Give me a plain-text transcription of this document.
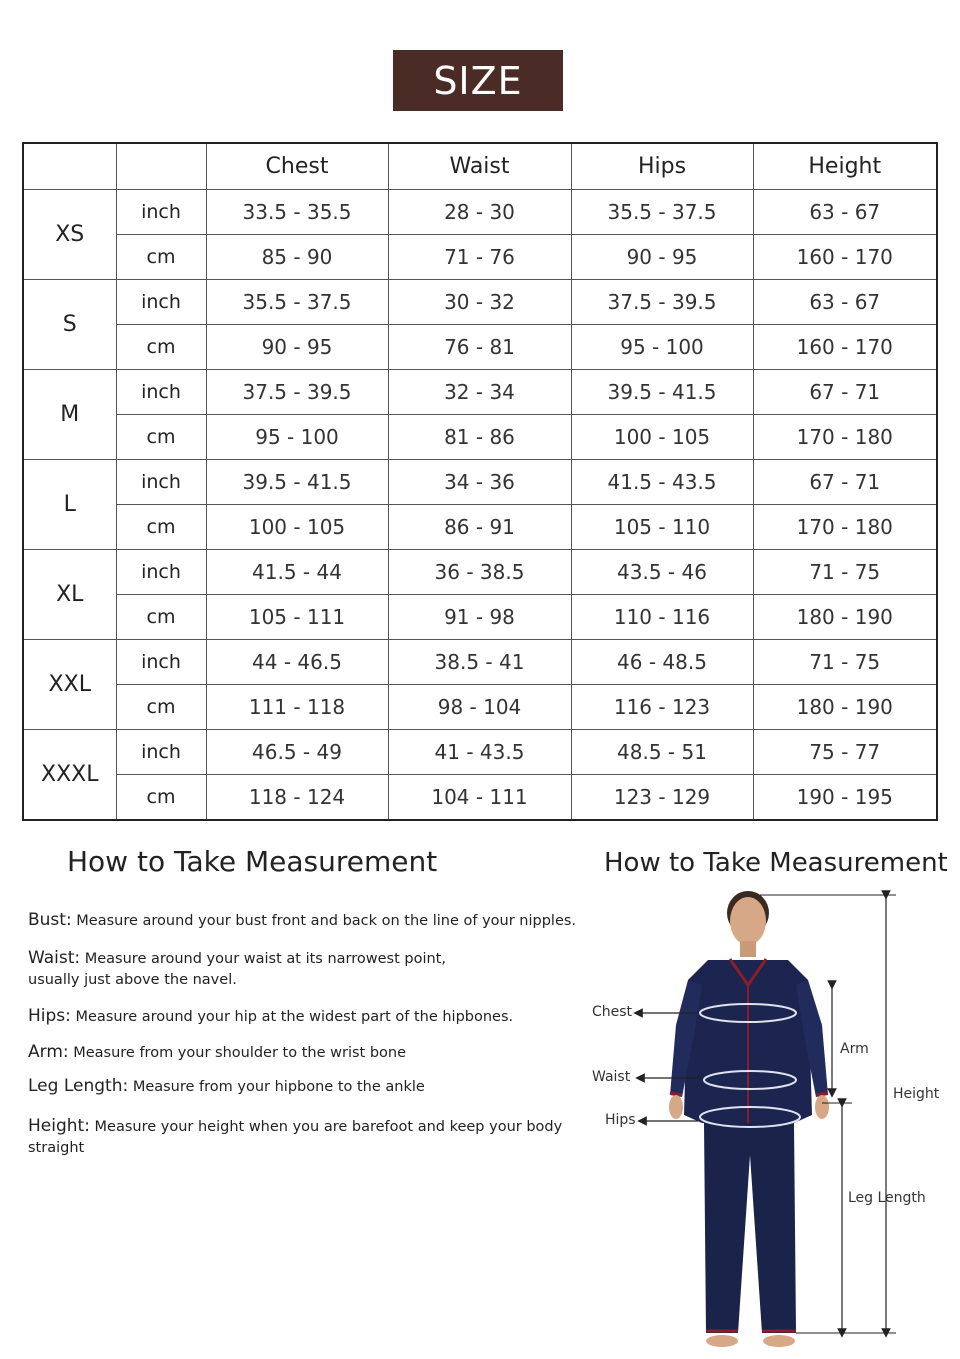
SIZE
		Chest	Waist	Hips	Height
XS	inch	33.5 - 35.5	28 - 30	35.5 - 37.5	63 - 67
	cm	85 - 90	71 - 76	90 - 95	160 - 170
S	inch	35.5 - 37.5	30 - 32	37.5 - 39.5	63 - 67
	cm	90 - 95	76 - 81	95 - 100	160 - 170
M	inch	37.5 - 39.5	32 - 34	39.5 - 41.5	67 - 71
	cm	95 - 100	81 - 86	100 - 105	170 - 180
L	inch	39.5 - 41.5	34 - 36	41.5 - 43.5	67 - 71
	cm	100 - 105	86 - 91	105 - 110	170 - 180
XL	inch	41.5 - 44	36 - 38.5	43.5 - 46	71 - 75
	cm	105 - 111	91 - 98	110 - 116	180 - 190
XXL	inch	44 - 46.5	38.5 - 41	46 - 48.5	71 - 75
	cm	111 - 118	98 - 104	116 - 123	180 - 190
XXXL	inch	46.5 - 49	41 - 43.5	48.5 - 51	75 - 77
	cm	118 - 124	104 - 111	123 - 129	190 - 195
How to Take Measurement	How to Take Measurement
Bust: Measure around your bust front and back on the line of your nipples.
Waist: Measure around your waist at its narrowest point, usually just above the navel.
Hips: Measure around your hip at the widest part of the hipbones.
Arm: Measure from your shoulder to the wrist bone
Leg Length: Measure from your hipbone to the ankle
Height: Measure your height when you are barefoot and keep your body straight
Chest
Waist
Hips
Arm
Height
Leg Length
